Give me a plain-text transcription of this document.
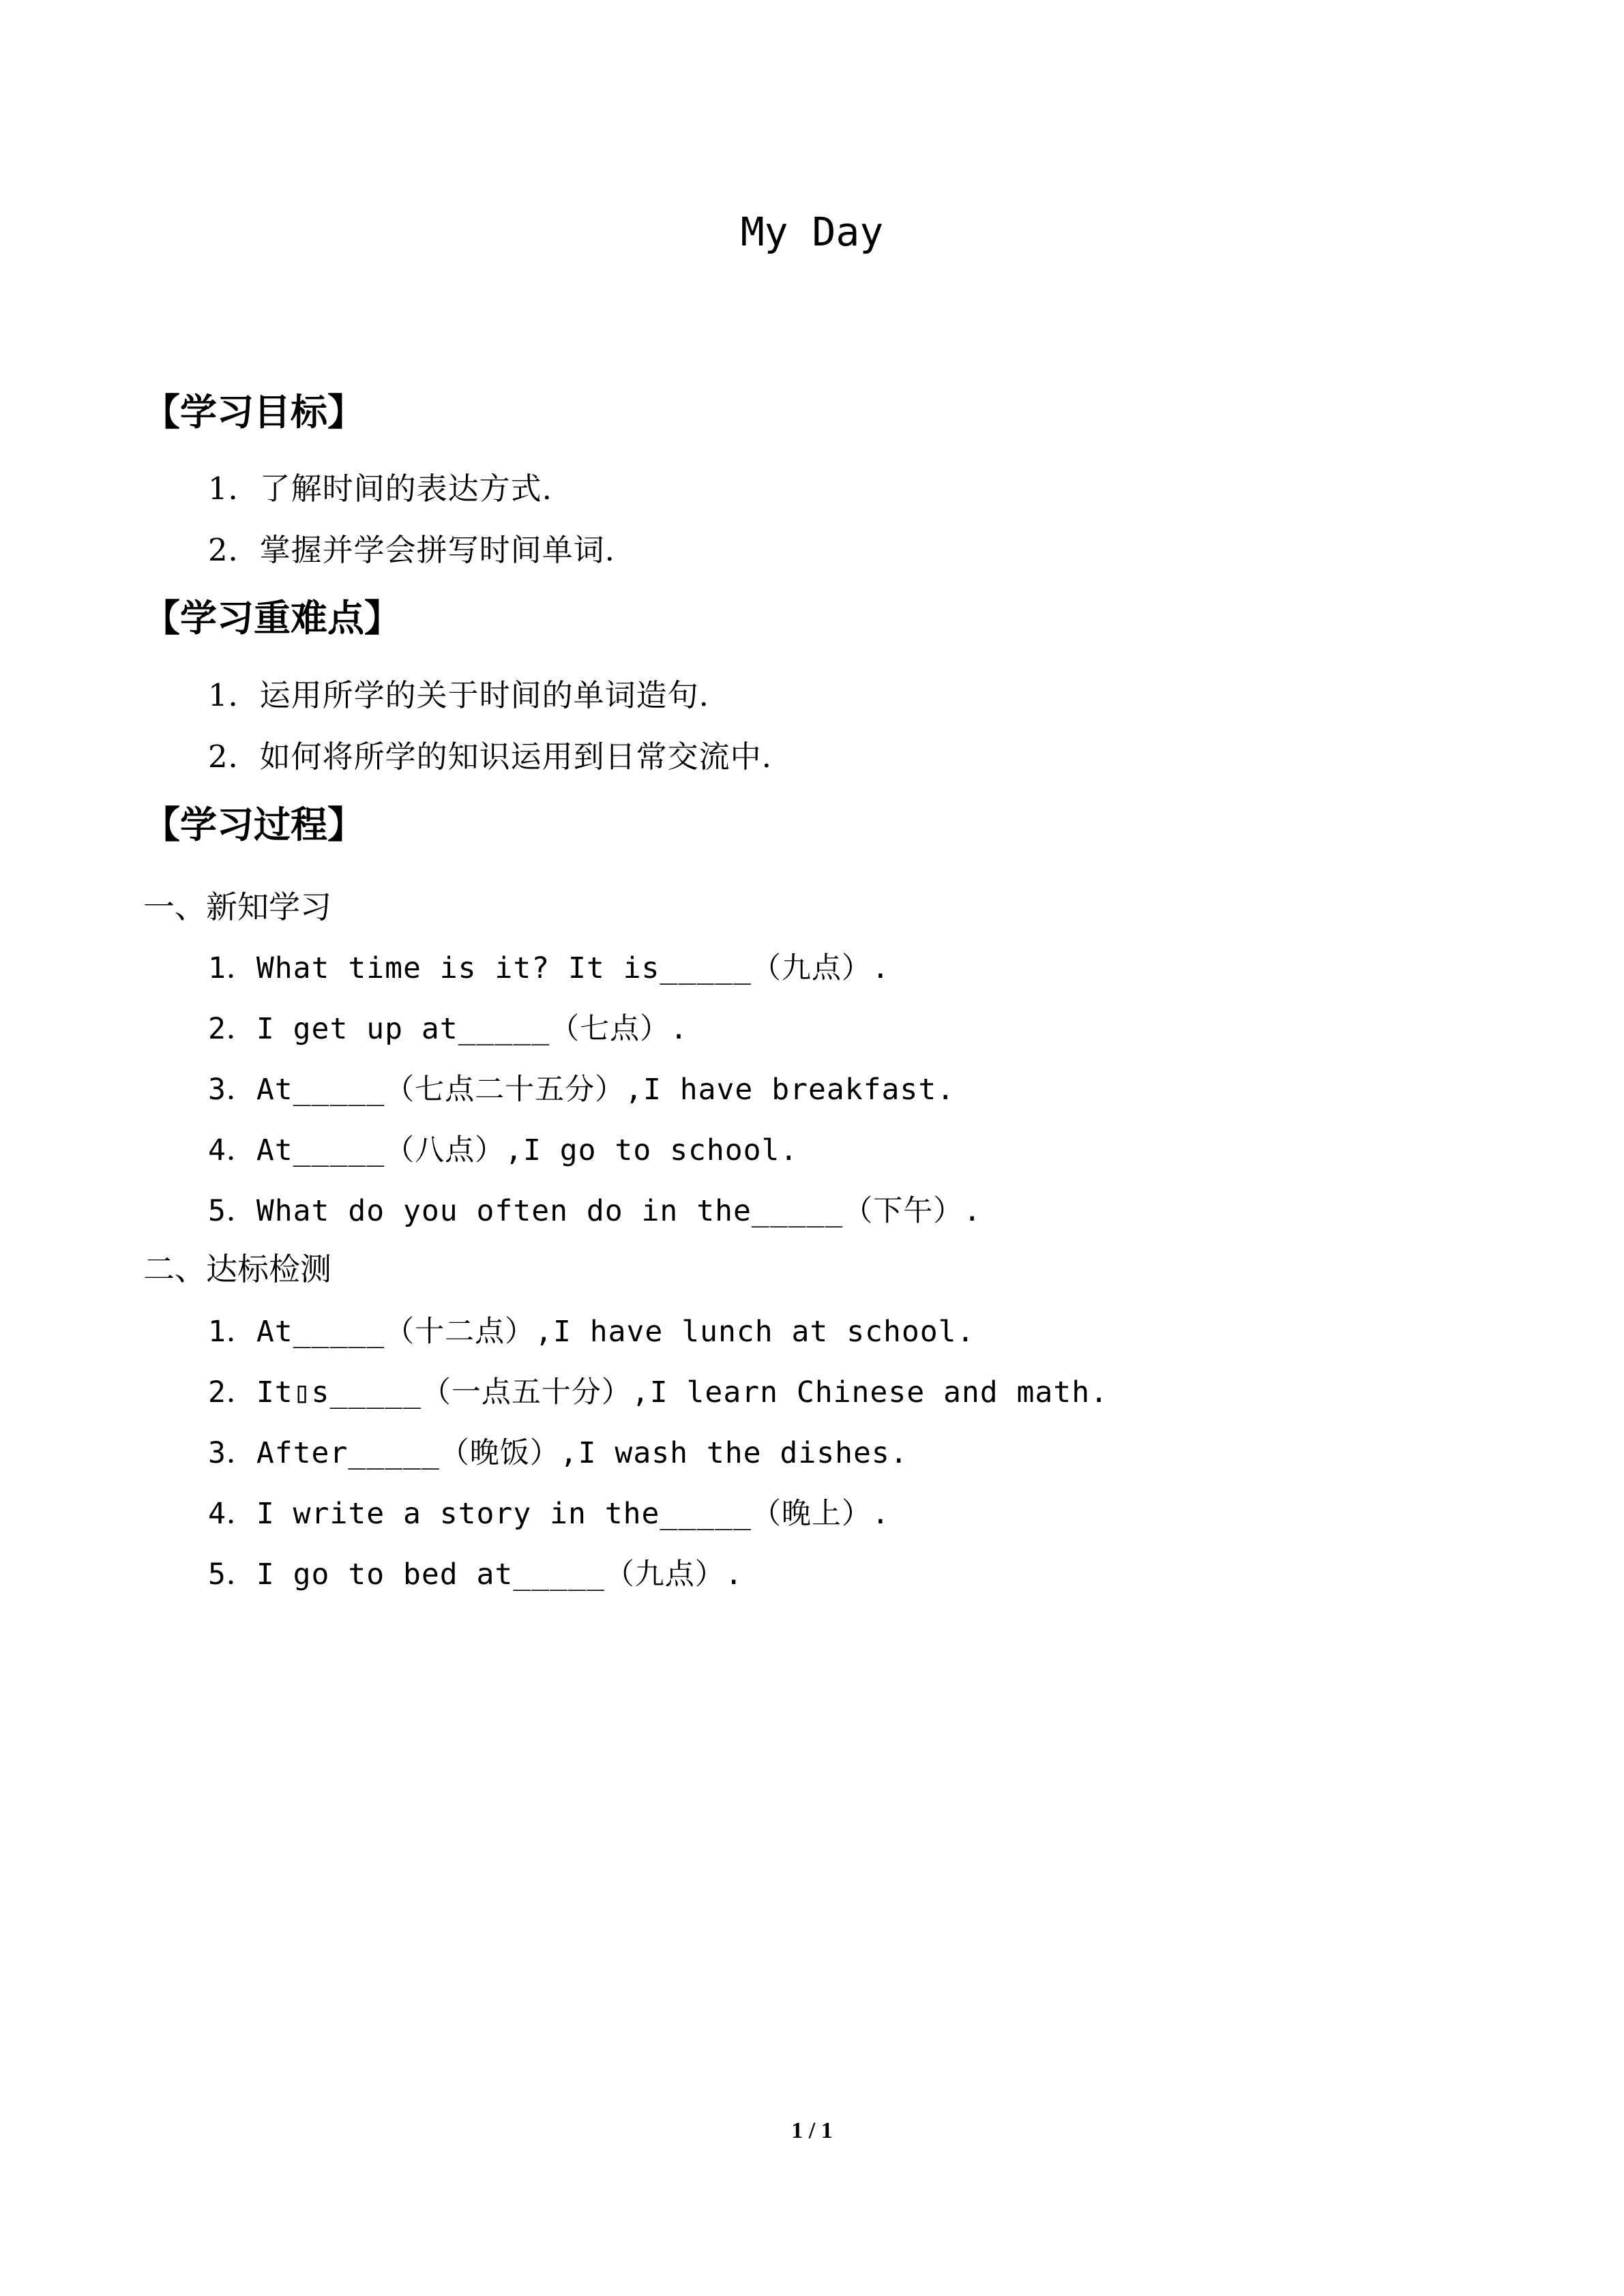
My Day
【学习目标】
1．了解时间的表达方式.
2．掌握并学会拼写时间单词.
【学习重难点】
1．运用所学的关于时间的单词造句.
2．如何将所学的知识运用到日常交流中.
【学习过程】
一、新知学习
1．What time is it? It is_____（九点）.
2．I get up at_____（七点）.
3．At_____（七点二十五分）,I have breakfast.
4．At_____（八点）,I go to school.
5．What do you often do in the_____（下午）.
二、达标检测
1．At_____（十二点）,I have lunch at school.
2．It▯s_____（一点五十分）,I learn Chinese and math.
3．After_____（晚饭）,I wash the dishes.
4．I write a story in the_____（晚上）.
5．I go to bed at_____（九点）.
1 / 1
